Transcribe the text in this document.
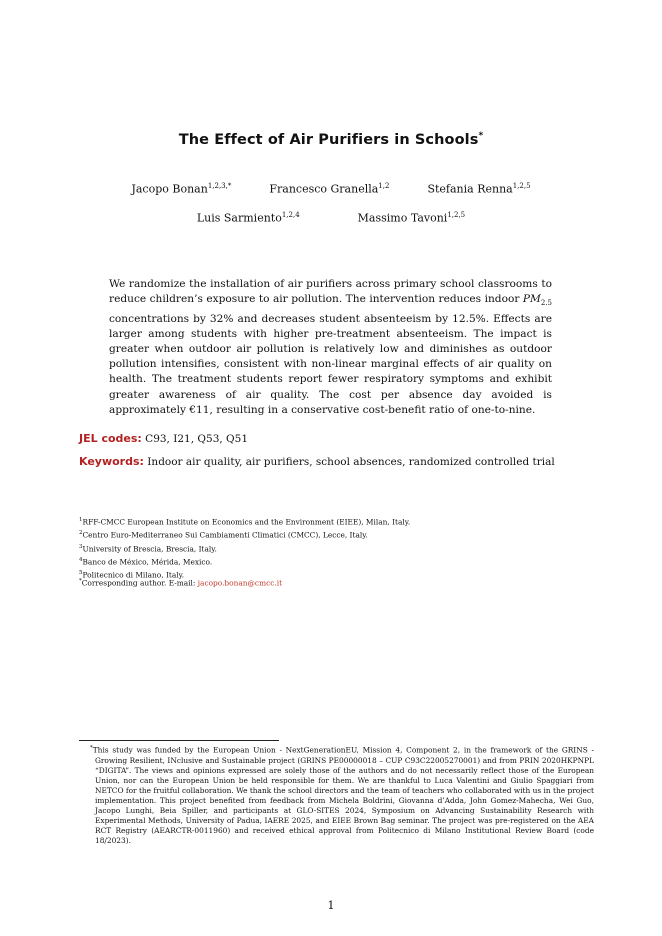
The Effect of Air Purifiers in Schools*
Jacopo Bonan$^{1,2,3,*}$	Francesco Granella$^{1,2}$	Stefania Renna$^{1,2,5}$
Luis Sarmiento$^{1,2,4}$	Massimo Tavoni$^{1,2,5}$
We randomize the installation of air purifiers across primary school classrooms to reduce children’s exposure to air pollution. The intervention reduces indoor $PM_{2.5}$ concentrations by 32% and decreases student absenteeism by 12.5%. Effects are larger among students with higher pre-treatment absenteeism. The impact is greater when outdoor air pollution is relatively low and diminishes as outdoor pollution intensifies, consistent with non-linear marginal effects of air quality on health. The treatment students report fewer respiratory symptoms and exhibit greater awareness of air quality. The cost per absence day avoided is approximately €11, resulting in a conservative cost-benefit ratio of one-to-nine.
JEL codes: C93, I21, Q53, Q51
Keywords: Indoor air quality, air purifiers, school absences, randomized controlled trial
$^1$RFF-CMCC European Institute on Economics and the Environment (EIEE), Milan, Italy.
$^2$Centro Euro-Mediterraneo Sui Cambiamenti Climatici (CMCC), Lecce, Italy.
$^3$University of Brescia, Brescia, Italy.
$^4$Banco de México, Mérida, Mexico.
$^5$Politecnico di Milano, Italy.
*Corresponding author. E-mail: jacopo.bonan@cmcc.it
*This study was funded by the European Union - NextGenerationEU, Mission 4, Component 2, in the framework of the GRINS -Growing Resilient, INclusive and Sustainable project (GRINS PE00000018 – CUP C93C22005270001) and from PRIN 2020HKPNPL “DIGITA”. The views and opinions expressed are solely those of the authors and do not necessarily reflect those of the European Union, nor can the European Union be held responsible for them. We are thankful to Luca Valentini and Giulio Spaggiari from NETCO for the fruitful collaboration. We thank the school directors and the team of teachers who collaborated with us in the project implementation. This project benefited from feedback from Michela Boldrini, Giovanna d’Adda, John Gomez-Mahecha, Wei Guo, Jacopo Lunghi, Beia Spiller, and participants at GLO-SITES 2024, Symposium on Advancing Sustainability Research with Experimental Methods, University of Padua, IAERE 2025, and EIEE Brown Bag seminar. The project was pre-registered on the AEA RCT Registry (AEARCTR-0011960) and received ethical approval from Politecnico di Milano Institutional Review Board (code 18/2023).
1
